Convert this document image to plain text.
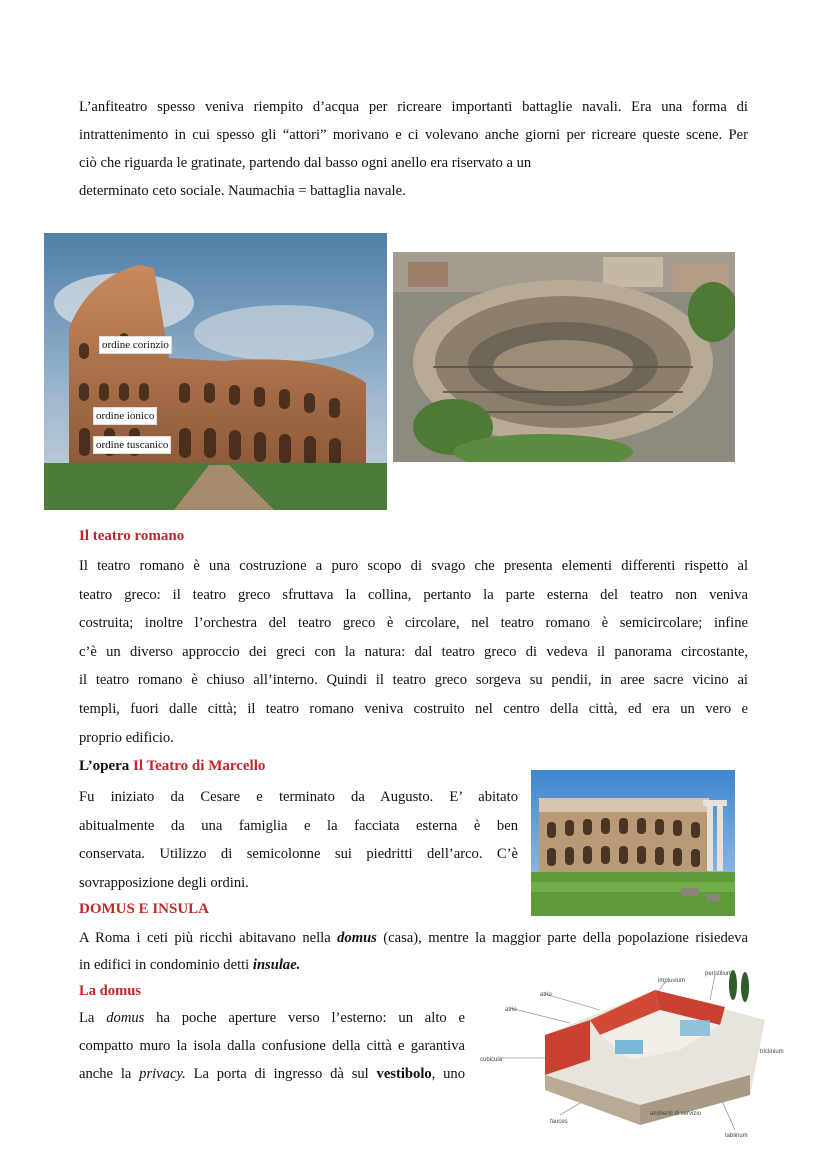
L’anfiteatro spesso veniva riempito d’acqua per ricreare importanti battaglie navali. Era una forma di
intrattenimento in cui spesso gli “attori” morivano e ci volevano anche giorni per ricreare queste scene. Per
ciò che riguarda le gratinate, partendo dal basso ogni anello era riservato a un
determinato ceto sociale. Naumachia = battaglia navale.
ordine corinzio
ordine ionico
ordine tuscanico
Il teatro romano
Il teatro romano è una costruzione a puro scopo di svago che presenta elementi differenti rispetto al
teatro greco: il teatro greco sfruttava la collina, pertanto la parte esterna del teatro non veniva
costruita; inoltre l’orchestra del teatro greco è circolare, nel teatro romano è semicircolare; infine
c’è un diverso approccio dei greci con la natura: dal teatro greco di vedeva il panorama circostante,
il teatro romano è chiuso all’interno. Quindi il teatro greco sorgeva su pendii, in aree sacre vicino ai
templi, fuori dalle città; il teatro romano veniva costruito nel centro della città, ed era un vero e
proprio edificio.
L’opera Il Teatro di Marcello
Fu iniziato da Cesare e terminato da Augusto. E’ abitato
abitualmente da una famiglia e la facciata esterna è ben
conservata. Utilizzo di semicolonne sui piedritti dell’arco. C’è
sovrapposizione degli ordini.
DOMUS E INSULA
A Roma i ceti più ricchi abitavano nella domus (casa), mentre la maggior parte della popolazione risiedeva
in edifici in condominio detti insulae.
La domus
La domus ha poche aperture verso l’esterno: un alto e
compatto muro la isola dalla confusione della città e garantiva
anche la privacy. La porta di ingresso dà sul vestibolo, uno
cubicula
atrio
atrio
impluvium
peristilium
triclinium
fauces
ambienti di servizio
tablinum
